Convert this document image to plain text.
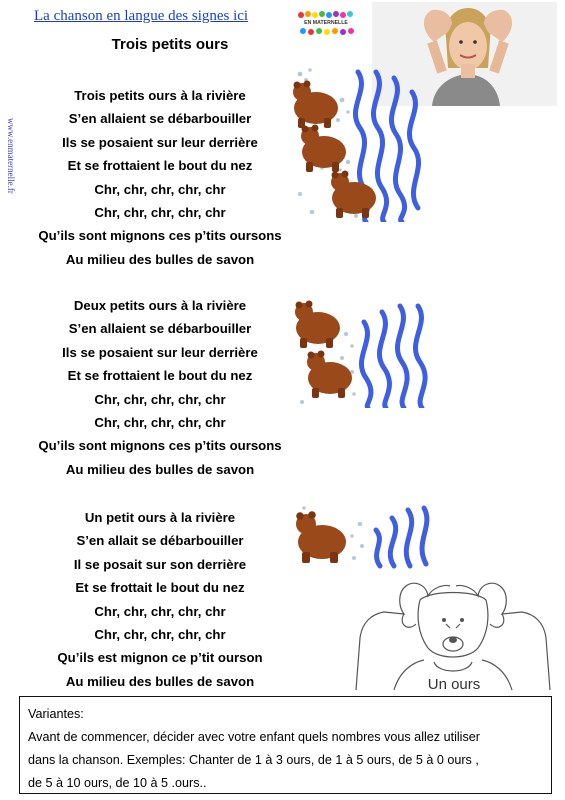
La chanson en langue des signes ici
www.enmaternelle.fr
EN MATERNELLE
Trois petits ours
Trois petits ours à la rivière
S’en allaient se débarbouiller
Ils se posaient sur leur derrière
Et se frottaient le bout du nez
Chr, chr, chr, chr, chr
Chr, chr, chr, chr, chr
Qu’ils sont mignons ces p’tits oursons
Au milieu des bulles de savon
Deux petits ours à la rivière
S’en allaient se débarbouiller
Ils se posaient sur leur derrière
Et se frottaient le bout du nez
Chr, chr, chr, chr, chr
Chr, chr, chr, chr, chr
Qu’ils sont mignons ces p’tits oursons
Au milieu des bulles de savon
Un petit ours à la rivière
S’en allait se débarbouiller
Il se posait sur son derrière
Et se frottait le bout du nez
Chr, chr, chr, chr, chr
Chr, chr, chr, chr, chr
Qu’ils est mignon ce p’tit ourson
Au milieu des bulles de savon	Un ours

Variantes:

Avant de commencer, décider avec votre enfant quels nombres vous allez utiliser

dans la chanson. Exemples: Chanter de 1 à 3 ours, de 1 à 5 ours, de 5 à 0 ours ,

de 5 à 10 ours, de 10 à 5 .ours..
